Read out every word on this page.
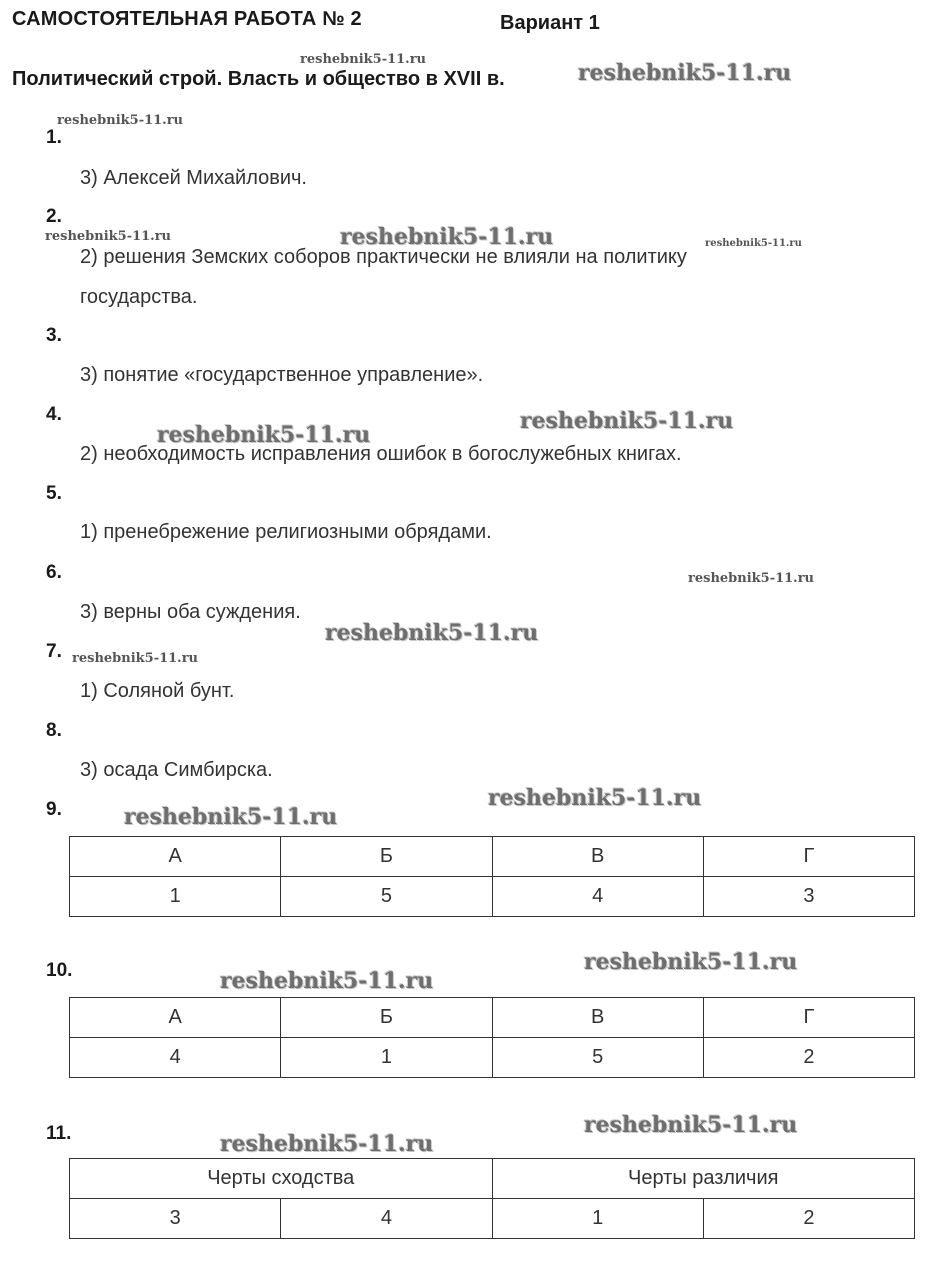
САМОСТОЯТЕЛЬНАЯ РАБОТА № 2	Вариант 1
Политический строй. Власть и общество в XVII в.
reshebnik5-11.ru
reshebnik5-11.ru
reshebnik5-11.ru
reshebnik5-11.ru	reshebnik5-11.ru	reshebnik5-11.ru
reshebnik5-11.ru
reshebnik5-11.ru
reshebnik5-11.ru
reshebnik5-11.ru
reshebnik5-11.ru
reshebnik5-11.ru
reshebnik5-11.ru
reshebnik5-11.ru
reshebnik5-11.ru
reshebnik5-11.ru
reshebnik5-11.ru
1.
3) Алексей Михайлович.
2.
2) решения Земских соборов практически не влияли на политику
государства.
3.
3) понятие «государственное управление».
4.
2) необходимость исправления ошибок в богослужебных книгах.
5.
1) пренебрежение религиозными обрядами.
6.
3) верны оба суждения.
7.
1) Соляной бунт.
8.
3) осада Симбирска.
9.
А	Б	В	Г
1	5	4	3
10.
А	Б	В	Г
4	1	5	2
11.
Черты сходства		Черты различия	
3	4	1	2
